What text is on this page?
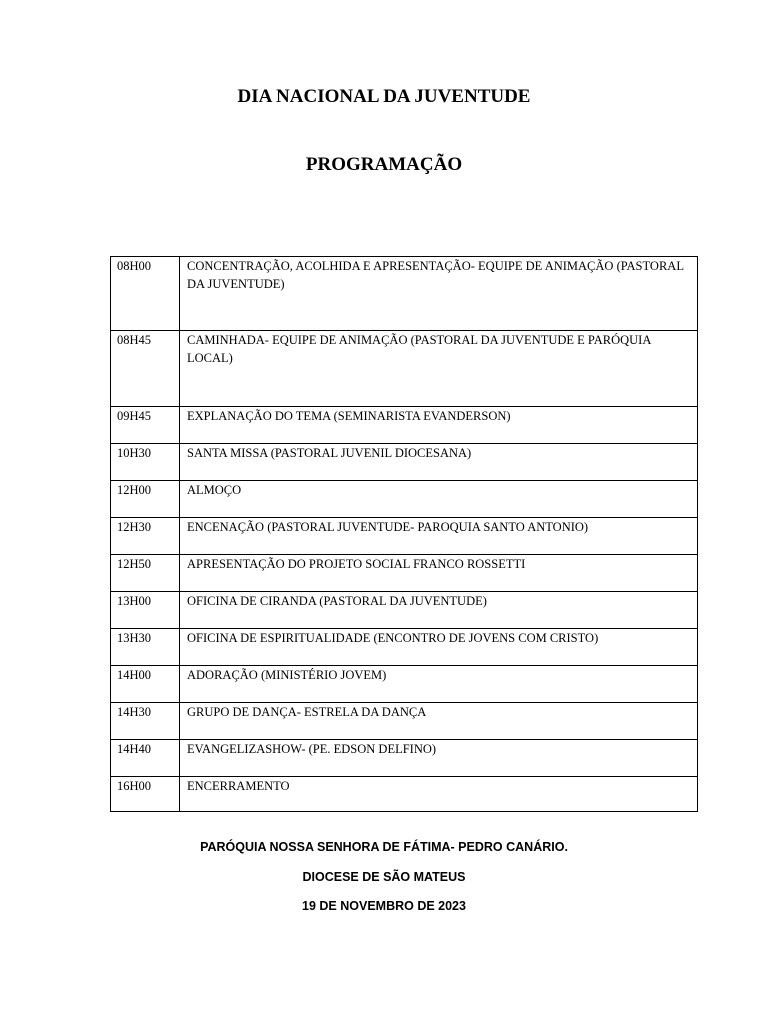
DIA NACIONAL DA JUVENTUDE
PROGRAMAÇÃO
08H00	CONCENTRAÇÃO, ACOLHIDA E APRESENTAÇÃO- EQUIPE DE ANIMAÇÃO (PASTORAL DA JUVENTUDE)
08H45	CAMINHADA- EQUIPE DE ANIMAÇÃO (PASTORAL DA JUVENTUDE E PARÓQUIA LOCAL)
09H45	EXPLANAÇÃO DO TEMA (SEMINARISTA EVANDERSON)
10H30	SANTA MISSA (PASTORAL JUVENIL DIOCESANA)
12H00	ALMOÇO
12H30	ENCENAÇÃO (PASTORAL JUVENTUDE- PAROQUIA SANTO ANTONIO)
12H50	APRESENTAÇÃO DO PROJETO SOCIAL FRANCO ROSSETTI
13H00	OFICINA DE CIRANDA (PASTORAL DA JUVENTUDE)
13H30	OFICINA DE ESPIRITUALIDADE (ENCONTRO DE JOVENS COM CRISTO)
14H00	ADORAÇÃO (MINISTÉRIO JOVEM)
14H30	GRUPO DE DANÇA- ESTRELA DA DANÇA
14H40	EVANGELIZASHOW- (PE. EDSON DELFINO)
16H00	ENCERRAMENTO
PARÓQUIA NOSSA SENHORA DE FÁTIMA- PEDRO CANÁRIO.
DIOCESE DE SÃO MATEUS
19 DE NOVEMBRO DE 2023
